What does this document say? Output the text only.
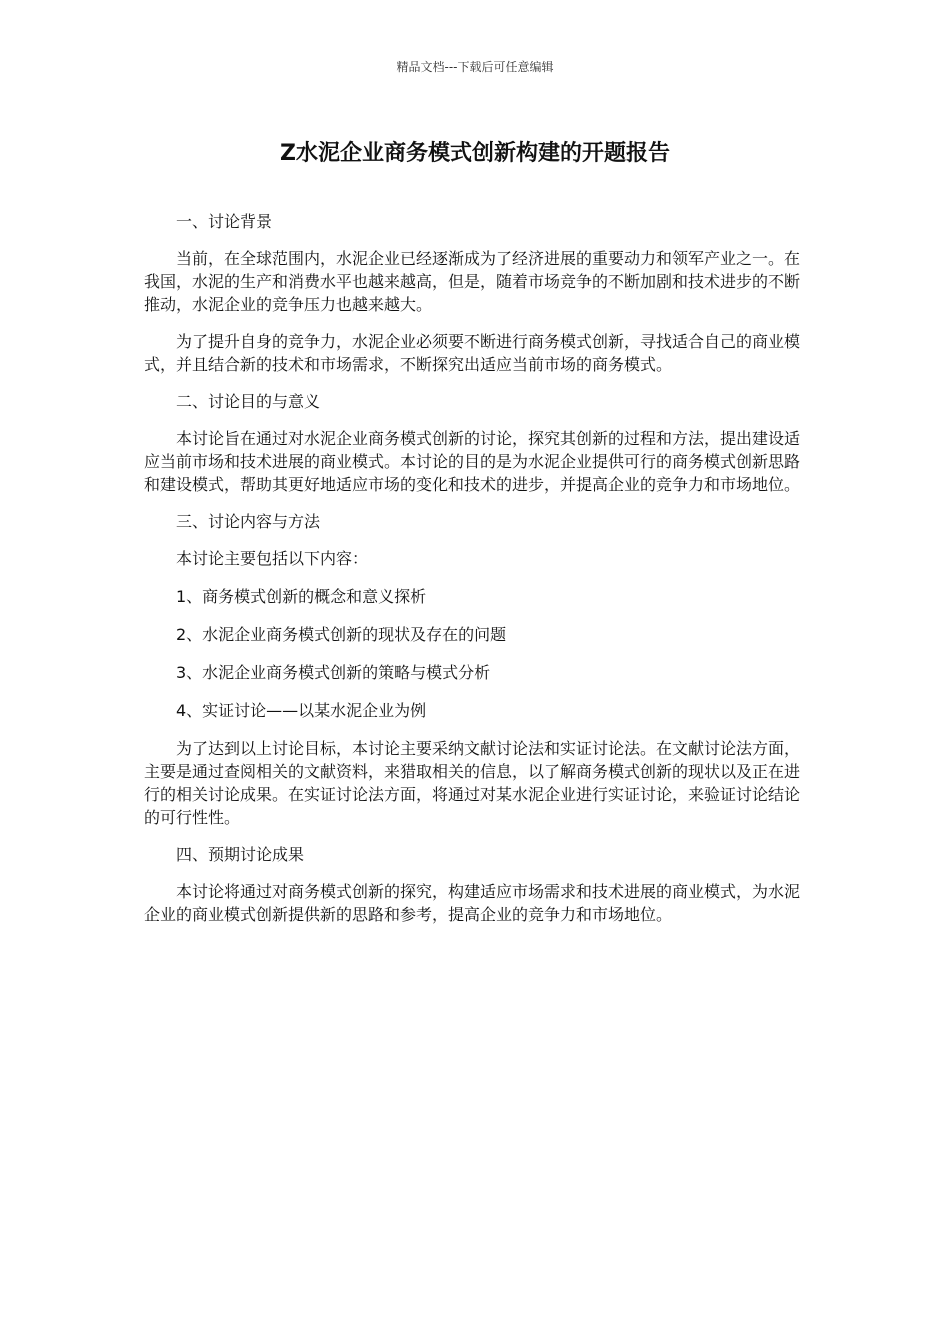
精品文档---下载后可任意编辑
Z水泥企业商务模式创新构建的开题报告

一、讨论背景

当前，在全球范围内，水泥企业已经逐渐成为了经济进展的重要动力和领军产业之一。在我国，水泥的生产和消费水平也越来越高，但是，随着市场竞争的不断加剧和技术进步的不断推动，水泥企业的竞争压力也越来越大。

为了提升自身的竞争力，水泥企业必须要不断进行商务模式创新，寻找适合自己的商业模式，并且结合新的技术和市场需求，不断探究出适应当前市场的商务模式。

二、讨论目的与意义

本讨论旨在通过对水泥企业商务模式创新的讨论，探究其创新的过程和方法，提出建设适应当前市场和技术进展的商业模式。本讨论的目的是为水泥企业提供可行的商务模式创新思路和建设模式，帮助其更好地适应市场的变化和技术的进步，并提高企业的竞争力和市场地位。

三、讨论内容与方法

本讨论主要包括以下内容：

1、商务模式创新的概念和意义探析

2、水泥企业商务模式创新的现状及存在的问题

3、水泥企业商务模式创新的策略与模式分析

4、实证讨论——以某水泥企业为例

为了达到以上讨论目标，本讨论主要采纳文献讨论法和实证讨论法。在文献讨论法方面，主要是通过查阅相关的文献资料，来猎取相关的信息，以了解商务模式创新的现状以及正在进行的相关讨论成果。在实证讨论法方面，将通过对某水泥企业进行实证讨论，来验证讨论结论的可行性性。

四、预期讨论成果

本讨论将通过对商务模式创新的探究，构建适应市场需求和技术进展的商业模式，为水泥企业的商业模式创新提供新的思路和参考，提高企业的竞争力和市场地位。
